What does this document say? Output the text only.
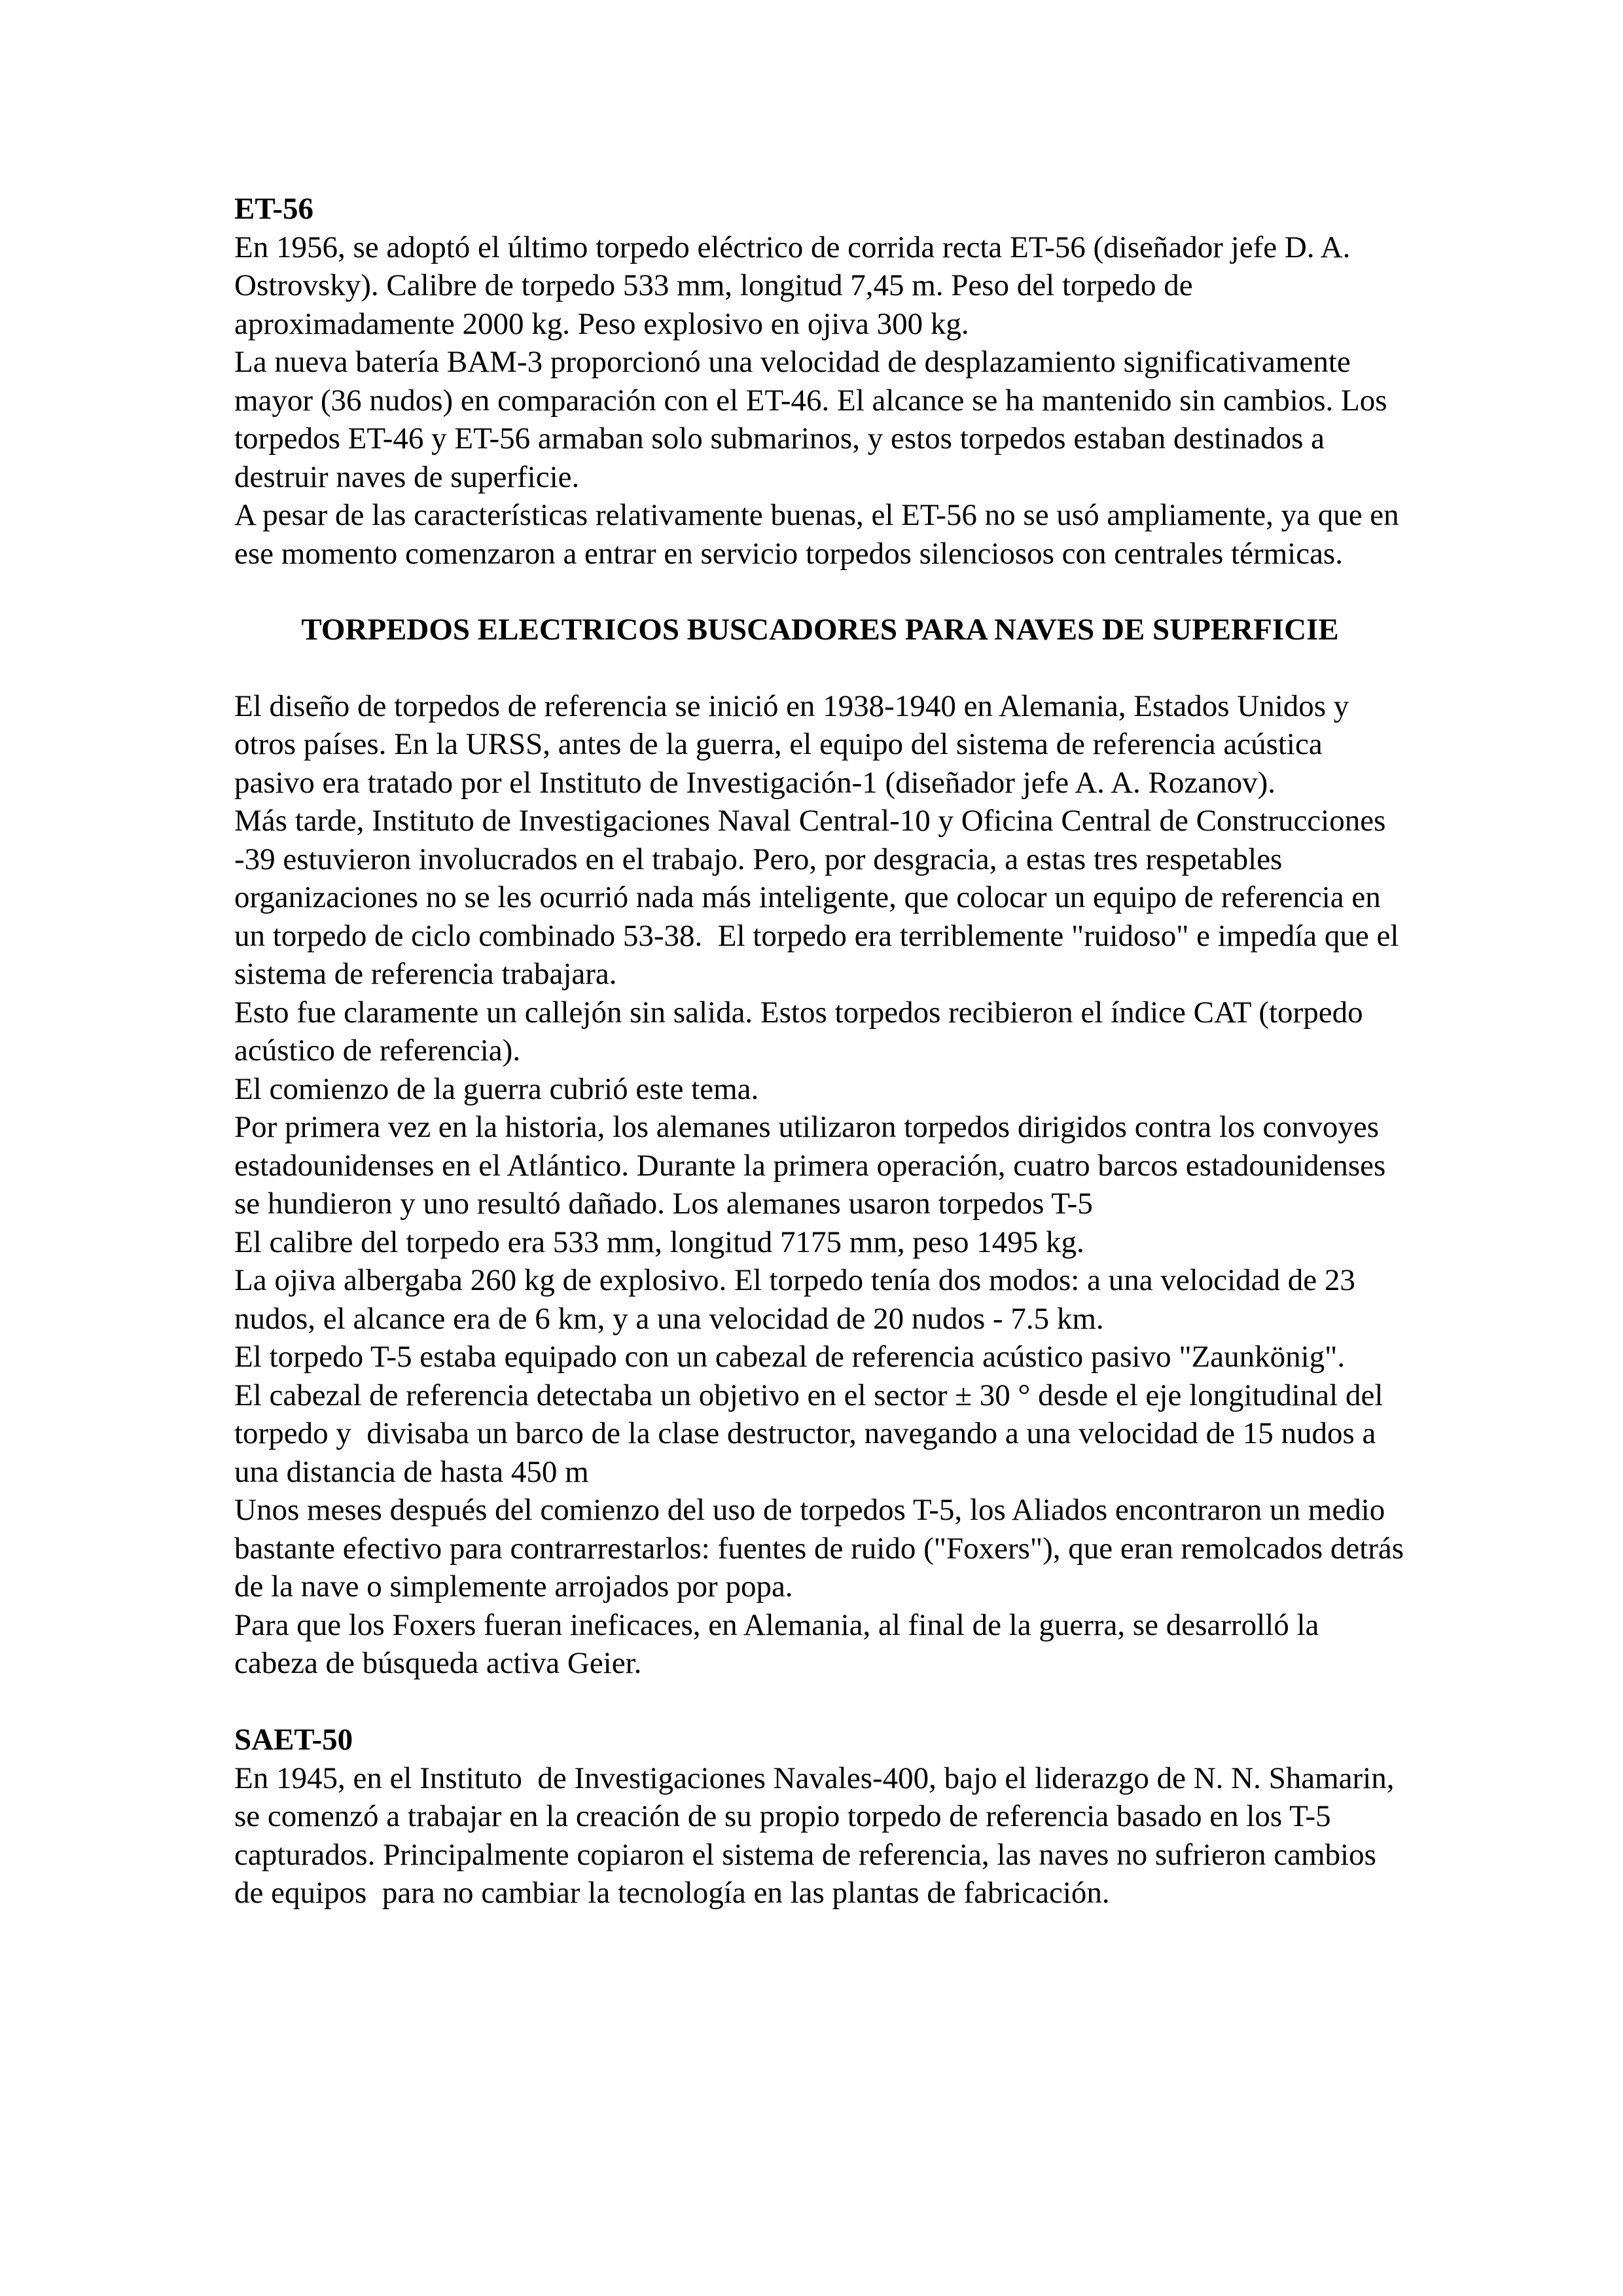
ET-56

En 1956, se adoptó el último torpedo eléctrico de corrida recta ET-56 (diseñador jefe D. A. Ostrovsky). Calibre de torpedo 533 mm, longitud 7,45 m. Peso del torpedo de aproximadamente 2000 kg. Peso explosivo en ojiva 300 kg.

La nueva batería BAM-3 proporcionó una velocidad de desplazamiento significativamente mayor (36 nudos) en comparación con el ET-46. El alcance se ha mantenido sin cambios. Los torpedos ET-46 y ET-56 armaban solo submarinos, y estos torpedos estaban destinados a destruir naves de superficie.

A pesar de las características relativamente buenas, el ET-56 no se usó ampliamente, ya que en ese momento comenzaron a entrar en servicio torpedos silenciosos con centrales térmicas.

TORPEDOS ELECTRICOS BUSCADORES PARA NAVES DE SUPERFICIE

El diseño de torpedos de referencia se inició en 1938-1940 en Alemania, Estados Unidos y otros países. En la URSS, antes de la guerra, el equipo del sistema de referencia acústica pasivo era tratado por el Instituto de Investigación-1 (diseñador jefe A. A. Rozanov).

Más tarde, Instituto de Investigaciones Naval Central-10 y Oficina Central de Construcciones -39 estuvieron involucrados en el trabajo. Pero, por desgracia, a estas tres respetables organizaciones no se les ocurrió nada más inteligente, que colocar un equipo de referencia en un torpedo de ciclo combinado 53-38.  El torpedo era terriblemente "ruidoso" e impedía que el sistema de referencia trabajara.

Esto fue claramente un callejón sin salida. Estos torpedos recibieron el índice CAT (torpedo acústico de referencia).

El comienzo de la guerra cubrió este tema.

Por primera vez en la historia, los alemanes utilizaron torpedos dirigidos contra los convoyes estadounidenses en el Atlántico. Durante la primera operación, cuatro barcos estadounidenses se hundieron y uno resultó dañado. Los alemanes usaron torpedos T-5

El calibre del torpedo era 533 mm, longitud 7175 mm, peso 1495 kg.

La ojiva albergaba 260 kg de explosivo. El torpedo tenía dos modos: a una velocidad de 23 nudos, el alcance era de 6 km, y a una velocidad de 20 nudos - 7.5 km.

El torpedo T-5 estaba equipado con un cabezal de referencia acústico pasivo "Zaunkönig".

El cabezal de referencia detectaba un objetivo en el sector ± 30 ° desde el eje longitudinal del torpedo y  divisaba un barco de la clase destructor, navegando a una velocidad de 15 nudos a una distancia de hasta 450 m

Unos meses después del comienzo del uso de torpedos T-5, los Aliados encontraron un medio bastante efectivo para contrarrestarlos: fuentes de ruido ("Foxers"), que eran remolcados detrás de la nave o simplemente arrojados por popa.

Para que los Foxers fueran ineficaces, en Alemania, al final de la guerra, se desarrolló la cabeza de búsqueda activa Geier.

SAET-50

En 1945, en el Instituto  de Investigaciones Navales-400, bajo el liderazgo de N. N. Shamarin, se comenzó a trabajar en la creación de su propio torpedo de referencia basado en los T-5 capturados. Principalmente copiaron el sistema de referencia, las naves no sufrieron cambios de equipos  para no cambiar la tecnología en las plantas de fabricación.
